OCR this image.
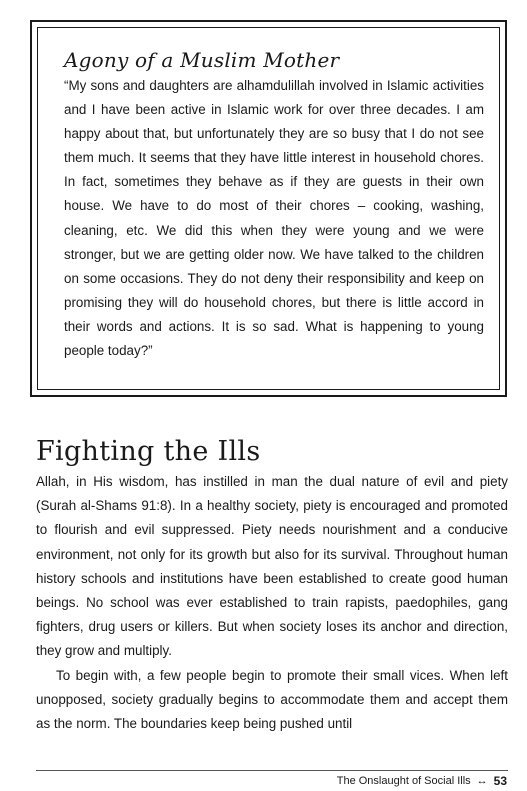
Agony of a Muslim Mother

“My sons and daughters are alhamdulillah involved in Islamic activities and I have been active in Islamic work for over three decades. I am happy about that, but unfortunately they are so busy that I do not see them much. It seems that they have little interest in household chores. In fact, sometimes they behave as if they are guests in their own house. We have to do most of their chores – cooking, washing, cleaning, etc. We did this when they were young and we were stronger, but we are getting older now. We have talked to the children on some occasions. They do not deny their responsibility and keep on promising they will do household chores, but there is little accord in their words and actions. It is so sad. What is happening to young people today?”

Fighting the Ills

Allah, in His wisdom, has instilled in man the dual nature of evil and piety (Surah al-Shams 91:8). In a healthy society, piety is encouraged and promoted to flourish and evil suppressed. Piety needs nourishment and a conducive environment, not only for its growth but also for its survival. Throughout human history schools and institutions have been established to create good human beings. No school was ever established to train rapists, paedophiles, gang fighters, drug users or killers. But when society loses its anchor and direction, they grow and multiply.

To begin with, a few people begin to promote their small vices. When left unopposed, society gradually begins to accommodate them and accept them as the norm. The boundaries keep being pushed until

The Onslaught of Social Ills ↔ 53
